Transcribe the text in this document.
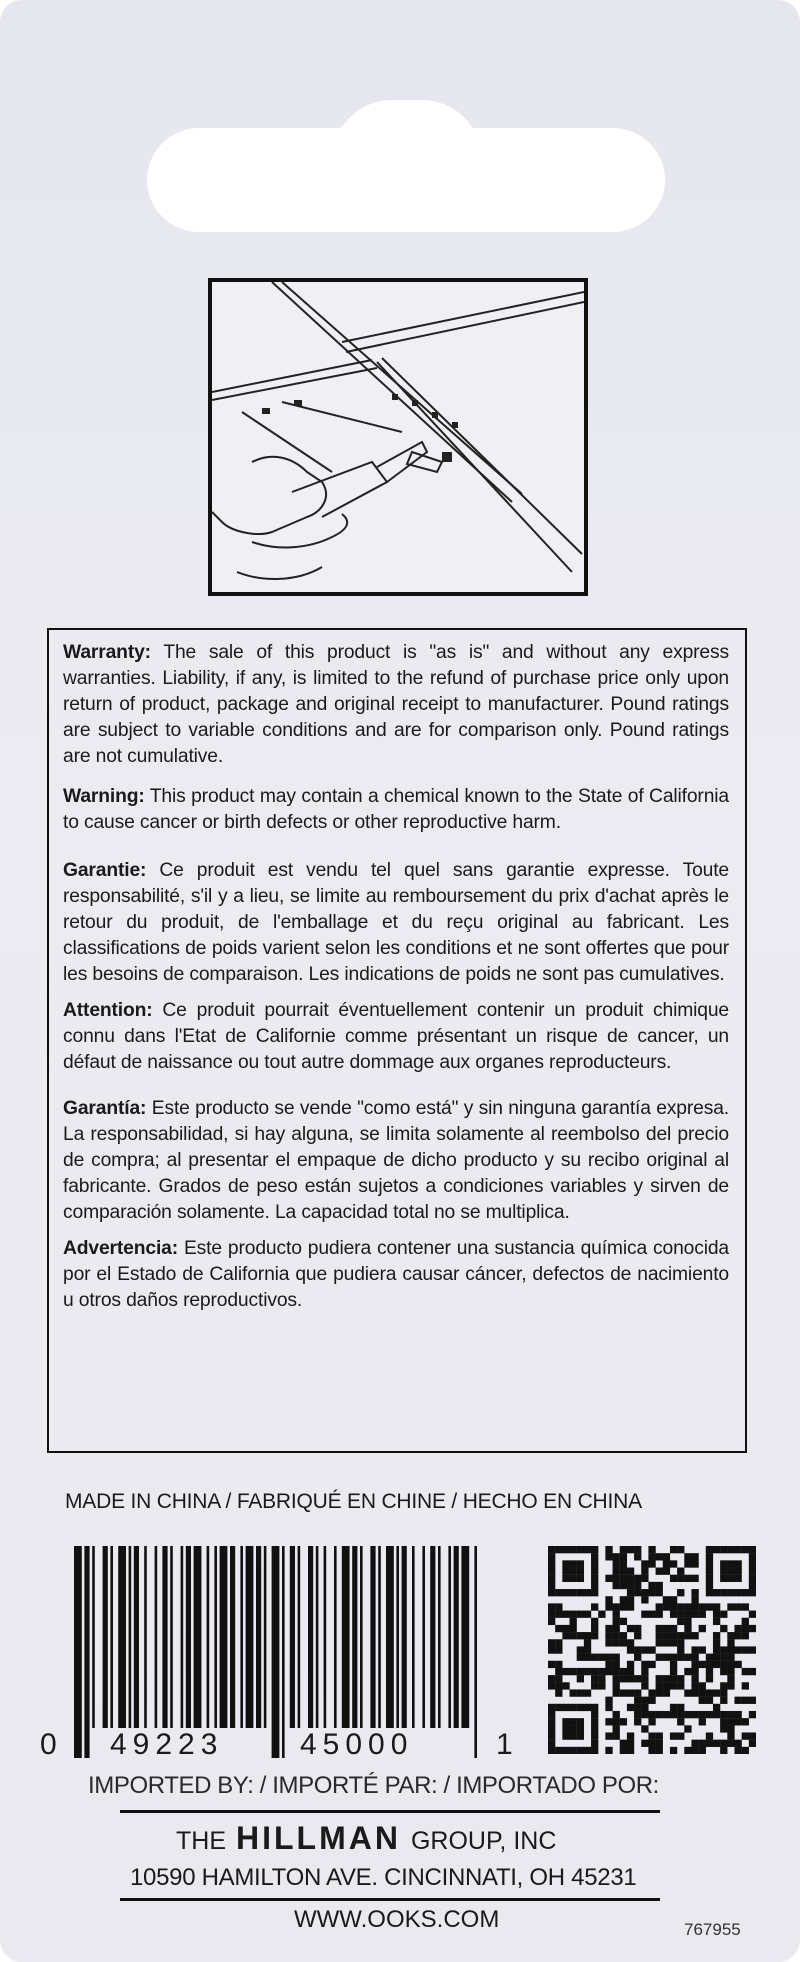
Warranty: The sale of this product is "as is" and without any express warranties. Liability, if any, is limited to the refund of purchase price only upon return of product, package and original receipt to manufacturer. Pound ratings are subject to variable conditions and are for comparison only. Pound ratings are not cumulative.

Warning: This product may contain a chemical known to the State of California to cause cancer or birth defects or other reproductive harm.

Garantie: Ce produit est vendu tel quel sans garantie expresse. Toute responsabilité, s'il y a lieu, se limite au remboursement du prix d'achat après le retour du produit, de l'emballage et du reçu original au fabricant. Les classifications de poids varient selon les conditions et ne sont offertes que pour les besoins de comparaison. Les indications de poids ne sont pas cumulatives.

Attention: Ce produit pourrait éventuellement contenir un produit chimique connu dans l'Etat de Californie comme présentant un risque de cancer, un défaut de naissance ou tout autre dommage aux organes reproducteurs.

Garantía: Este producto se vende "como está" y sin ninguna garantía expresa. La responsabilidad, si hay alguna, se limita solamente al reembolso del precio de compra; al presentar el empaque de dicho producto y su recibo original al fabricante. Grados de peso están sujetos a condiciones variables y sirven de comparación solamente. La capacidad total no se multiplica.

Advertencia: Este producto pudiera contener una sustancia química conocida por el Estado de California que pudiera causar cáncer, defectos de nacimiento u otros daños reproductivos.

MADE IN CHINA / FABRIQUÉ EN CHINE / HECHO EN CHINA
0 49223	45000	1
IMPORTED BY: / IMPORTÉ PAR: / IMPORTADO POR:
THE HILLMAN GROUP, INC
10590 HAMILTON AVE. CINCINNATI, OH 45231
WWW.OOKS.COM	767955
